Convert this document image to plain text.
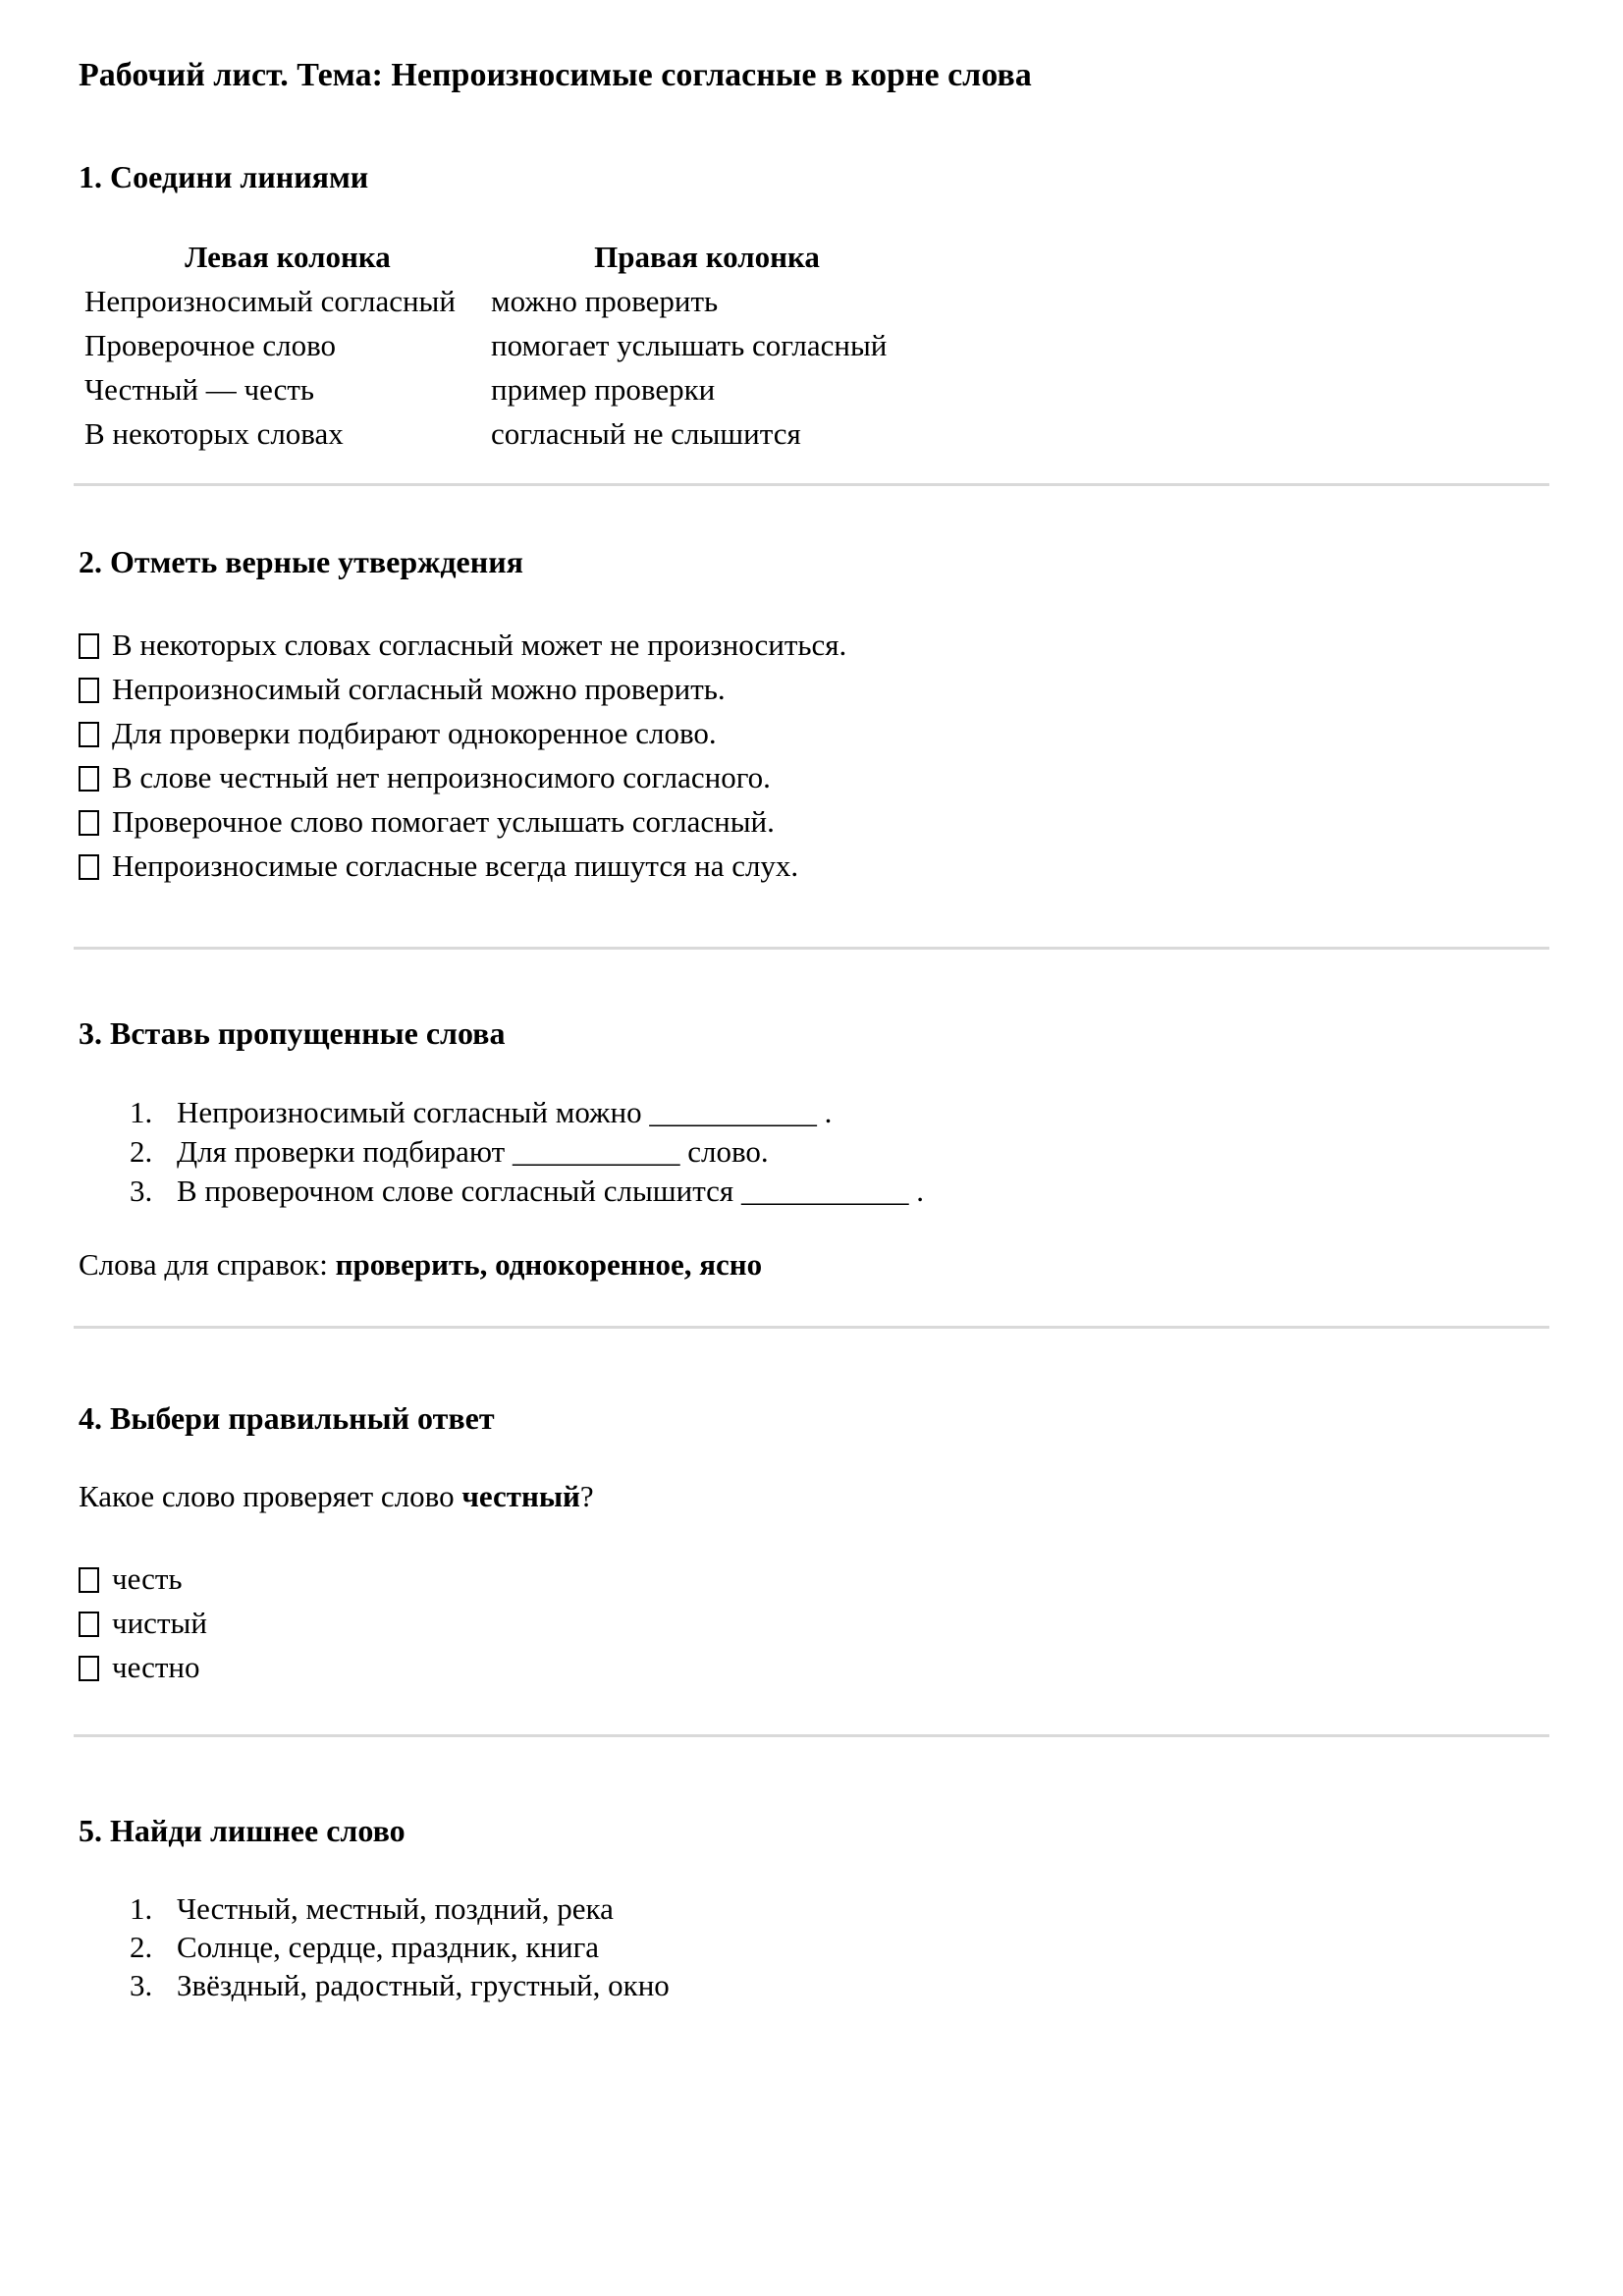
Рабочий лист. Тема: Непроизносимые согласные в корне слова
1. Соедини линиями
Левая колонка	Правая колонка
Непроизносимый согласный	можно проверить
Проверочное слово	помогает услышать согласный
Честный — честь	пример проверки
В некоторых словах	согласный не слышится
2. Отметь верные утверждения
В некоторых словах согласный может не произноситься.
Непроизносимый согласный можно проверить.
Для проверки подбирают однокоренное слово.
В слове честный нет непроизносимого согласного.
Проверочное слово помогает услышать согласный.
Непроизносимые согласные всегда пишутся на слух.
3. Вставь пропущенные слова
1. Непроизносимый согласный можно ___________ .
2. Для проверки подбирают ___________ слово.
3. В проверочном слове согласный слышится ___________ .

Слова для справок: проверить, однокоренное, ясно

4. Выбери правильный ответ

Какое слово проверяет слово честный?

честь
чистый
честно
5. Найди лишнее слово
1. Честный, местный, поздний, река
2. Солнце, сердце, праздник, книга
3. Звёздный, радостный, грустный, окно
